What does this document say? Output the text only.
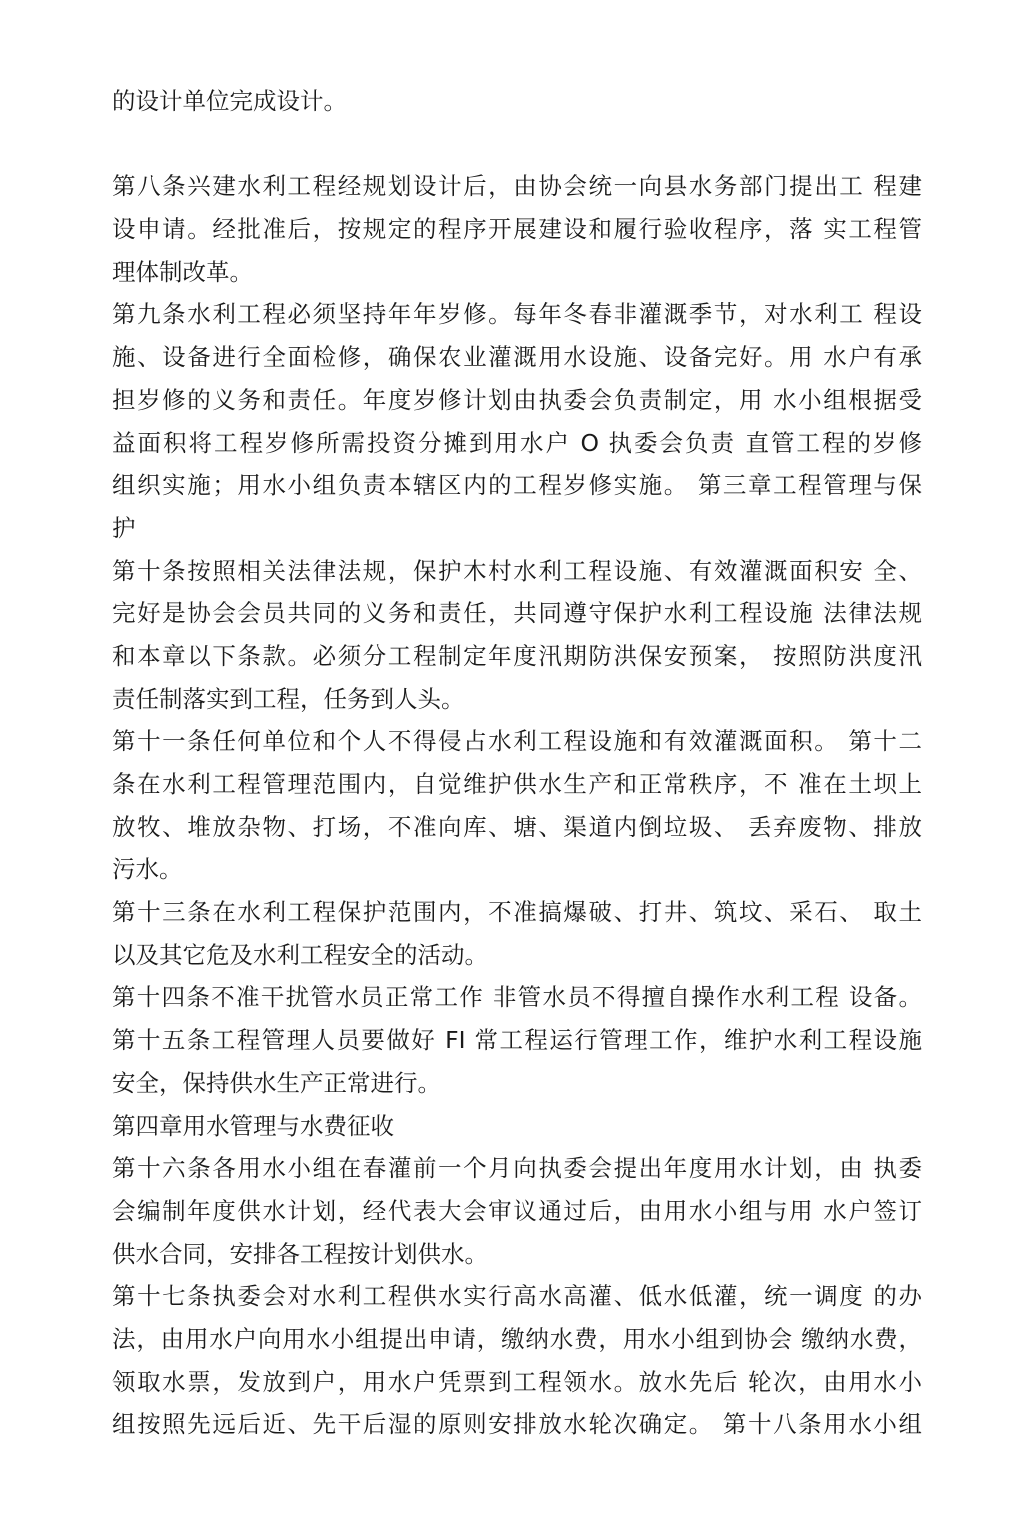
的设计单位完成设计。
第八条兴建水利工程经规划设计后，由协会统一向县水务部门提出工 程建
设申请。经批准后，按规定的程序开展建设和履行验收程序，落 实工程管
理体制改革。
第九条水利工程必须坚持年年岁修。每年冬春非灌溉季节，对水利工 程设
施、设备进行全面检修，确保农业灌溉用水设施、设备完好。用 水户有承
担岁修的义务和责任。年度岁修计划由执委会负责制定，用 水小组根据受
益面积将工程岁修所需投资分摊到用水户 O 执委会负责 直管工程的岁修
组织实施；用水小组负责本辖区内的工程岁修实施。 第三章工程管理与保
护
第十条按照相关法律法规，保护木村水利工程设施、有效灌溉面积安 全、
完好是协会会员共同的义务和责任，共同遵守保护水利工程设施 法律法规
和本章以下条款。必须分工程制定年度汛期防洪保安预案， 按照防洪度汛
责任制落实到工程，任务到人头。
第十一条任何单位和个人不得侵占水利工程设施和有效灌溉面积。 第十二
条在水利工程管理范围内，自觉维护供水生产和正常秩序，不 准在土坝上
放牧、堆放杂物、打场，不准向库、塘、渠道内倒垃圾、 丢弃废物、排放
污水。
第十三条在水利工程保护范围内，不准搞爆破、打井、筑坟、采石、 取土
以及其它危及水利工程安全的活动。
第十四条不准干扰管水员正常工作 非管水员不得擅自操作水利工程 设备。
第十五条工程管理人员要做好 FI 常工程运行管理工作，维护水利工程设施
安全，保持供水生产正常进行。
第四章用水管理与水费征收
第十六条各用水小组在春灌前一个月向执委会提出年度用水计划，由 执委
会编制年度供水计划，经代表大会审议通过后，由用水小组与用 水户签订
供水合同，安排各工程按计划供水。
第十七条执委会对水利工程供水实行高水高灌、低水低灌，统一调度 的办
法，由用水户向用水小组提出申请，缴纳水费，用水小组到协会 缴纳水费，
领取水票，发放到户，用水户凭票到工程领水。放水先后 轮次，由用水小
组按照先远后近、先干后湿的原则安排放水轮次确定。 第十八条用水小组
